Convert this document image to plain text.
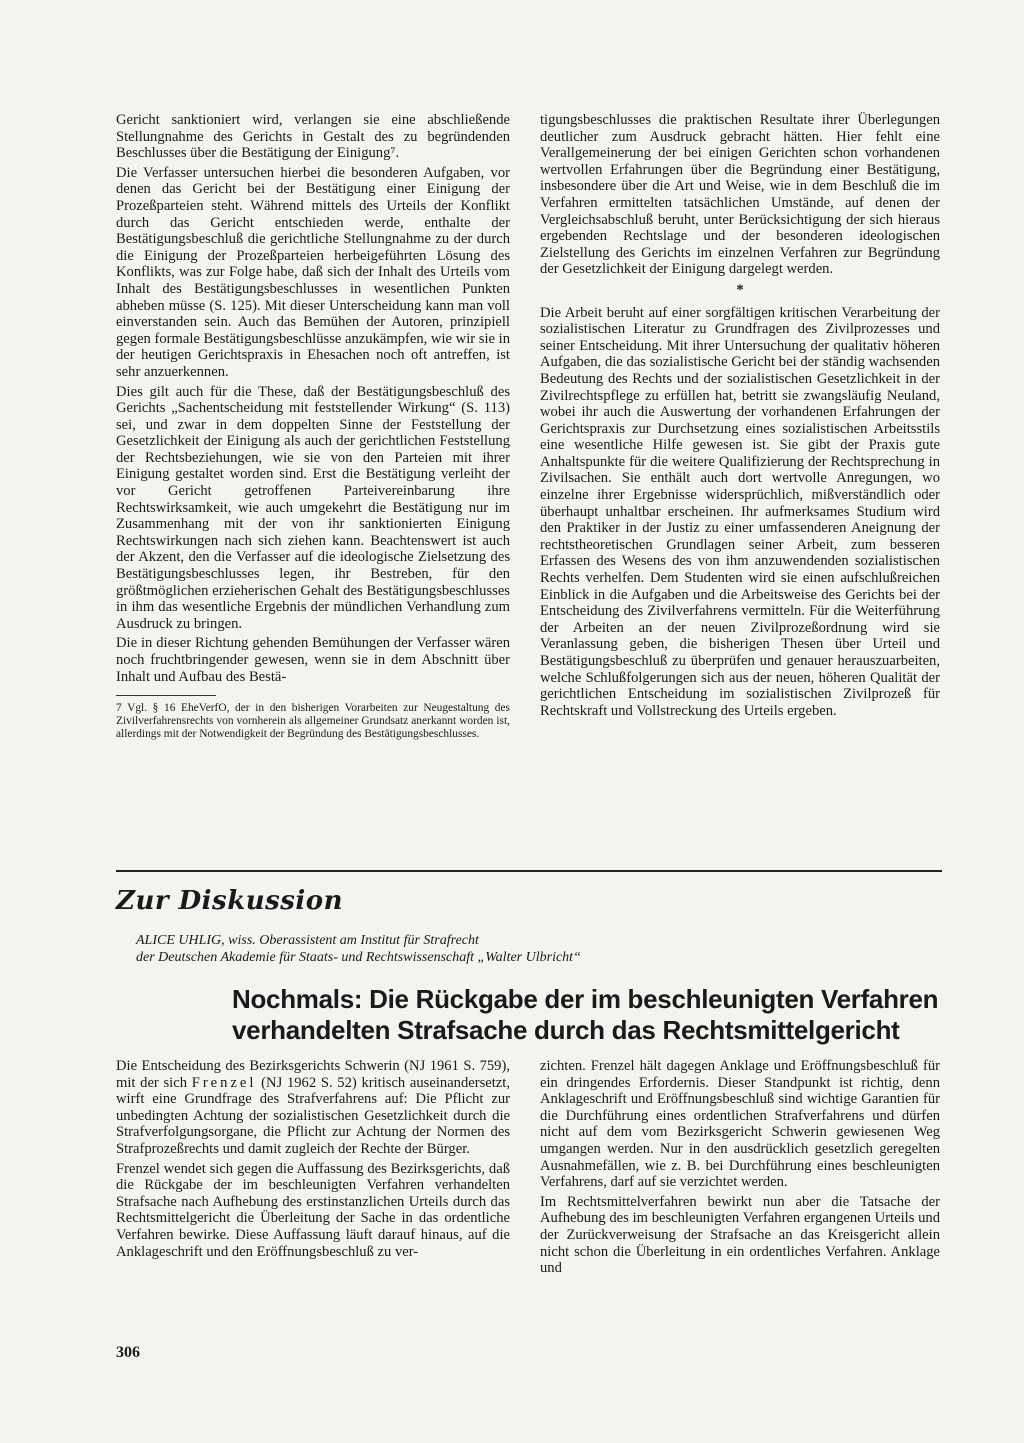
Gericht sanktioniert wird, verlangen sie eine abschließende Stellungnahme des Gerichts in Gestalt des zu begründenden Beschlusses über die Bestätigung der Einigung⁷.

Die Verfasser untersuchen hierbei die besonderen Aufgaben, vor denen das Gericht bei der Bestätigung einer Einigung der Prozeßparteien steht. Während mittels des Urteils der Konflikt durch das Gericht entschieden werde, enthalte der Bestätigungsbeschluß die gerichtliche Stellungnahme zu der durch die Einigung der Prozeßparteien herbeigeführten Lösung des Konflikts, was zur Folge habe, daß sich der Inhalt des Urteils vom Inhalt des Bestätigungsbeschlusses in wesentlichen Punkten abheben müsse (S. 125). Mit dieser Unterscheidung kann man voll einverstanden sein. Auch das Bemühen der Autoren, prinzipiell gegen formale Bestätigungsbeschlüsse anzukämpfen, wie wir sie in der heutigen Gerichtspraxis in Ehesachen noch oft antreffen, ist sehr anzuerkennen.

Dies gilt auch für die These, daß der Bestätigungsbeschluß des Gerichts „Sachentscheidung mit feststellender Wirkung“ (S. 113) sei, und zwar in dem doppelten Sinne der Feststellung der Gesetzlichkeit der Einigung als auch der gerichtlichen Feststellung der Rechtsbeziehungen, wie sie von den Parteien mit ihrer Einigung gestaltet worden sind. Erst die Bestätigung verleiht der vor Gericht getroffenen Parteivereinbarung ihre Rechtswirksamkeit, wie auch umgekehrt die Bestätigung nur im Zusammenhang mit der von ihr sanktionierten Einigung Rechtswirkungen nach sich ziehen kann. Beachtenswert ist auch der Akzent, den die Verfasser auf die ideologische Zielsetzung des Bestätigungsbeschlusses legen, ihr Bestreben, für den größtmöglichen erzieherischen Gehalt des Bestätigungsbeschlusses in ihm das wesentliche Ergebnis der mündlichen Verhandlung zum Ausdruck zu bringen.

Die in dieser Richtung gehenden Bemühungen der Verfasser wären noch fruchtbringender gewesen, wenn sie in dem Abschnitt über Inhalt und Aufbau des Bestä-

7 Vgl. § 16 EheVerfO, der in den bisherigen Vorarbeiten zur Neugestaltung des Zivilverfahrensrechts von vornherein als allgemeiner Grundsatz anerkannt worden ist, allerdings mit der Notwendigkeit der Begründung des Bestätigungsbeschlusses.

tigungsbeschlusses die praktischen Resultate ihrer Überlegungen deutlicher zum Ausdruck gebracht hätten. Hier fehlt eine Verallgemeinerung der bei einigen Gerichten schon vorhandenen wertvollen Erfahrungen über die Begründung einer Bestätigung, insbesondere über die Art und Weise, wie in dem Beschluß die im Verfahren ermittelten tatsächlichen Umstände, auf denen der Vergleichsabschluß beruht, unter Berücksichtigung der sich hieraus ergebenden Rechtslage und der besonderen ideologischen Zielstellung des Gerichts im einzelnen Verfahren zur Begründung der Gesetzlichkeit der Einigung dargelegt werden.

*

Die Arbeit beruht auf einer sorgfältigen kritischen Verarbeitung der sozialistischen Literatur zu Grundfragen des Zivilprozesses und seiner Entscheidung. Mit ihrer Untersuchung der qualitativ höheren Aufgaben, die das sozialistische Gericht bei der ständig wachsenden Bedeutung des Rechts und der sozialistischen Gesetzlichkeit in der Zivilrechtspflege zu erfüllen hat, betritt sie zwangsläufig Neuland, wobei ihr auch die Auswertung der vorhandenen Erfahrungen der Gerichtspraxis zur Durchsetzung eines sozialistischen Arbeitsstils eine wesentliche Hilfe gewesen ist. Sie gibt der Praxis gute Anhaltspunkte für die weitere Qualifizierung der Rechtsprechung in Zivilsachen. Sie enthält auch dort wertvolle Anregungen, wo einzelne ihrer Ergebnisse widersprüchlich, mißverständlich oder überhaupt unhaltbar erscheinen. Ihr aufmerksames Studium wird den Praktiker in der Justiz zu einer umfassenderen Aneignung der rechtstheoretischen Grundlagen seiner Arbeit, zum besseren Erfassen des Wesens des von ihm anzuwendenden sozialistischen Rechts verhelfen. Dem Studenten wird sie einen aufschlußreichen Einblick in die Aufgaben und die Arbeitsweise des Gerichts bei der Entscheidung des Zivilverfahrens vermitteln. Für die Weiterführung der Arbeiten an der neuen Zivilprozeßordnung wird sie Veranlassung geben, die bisherigen Thesen über Urteil und Bestätigungsbeschluß zu überprüfen und genauer herauszuarbeiten, welche Schlußfolgerungen sich aus der neuen, höheren Qualität der gerichtlichen Entscheidung im sozialistischen Zivilprozeß für Rechtskraft und Vollstreckung des Urteils ergeben.

Zur Diskussion
ALICE UHLIG, wiss. Oberassistent am Institut für Strafrecht
der Deutschen Akademie für Staats- und Rechtswissenschaft „Walter Ulbricht“
Nochmals: Die Rückgabe der im beschleunigten Verfahren
verhandelten Strafsache durch das Rechtsmittelgericht

Die Entscheidung des Bezirksgerichts Schwerin (NJ 1961 S. 759), mit der sich Frenzel (NJ 1962 S. 52) kritisch auseinandersetzt, wirft eine Grundfrage des Strafverfahrens auf: Die Pflicht zur unbedingten Achtung der sozialistischen Gesetzlichkeit durch die Strafverfolgungsorgane, die Pflicht zur Achtung der Normen des Strafprozeßrechts und damit zugleich der Rechte der Bürger.

Frenzel wendet sich gegen die Auffassung des Bezirksgerichts, daß die Rückgabe der im beschleunigten Verfahren verhandelten Strafsache nach Aufhebung des erstinstanzlichen Urteils durch das Rechtsmittelgericht die Überleitung der Sache in das ordentliche Verfahren bewirke. Diese Auffassung läuft darauf hinaus, auf die Anklageschrift und den Eröffnungsbeschluß zu ver-

zichten. Frenzel hält dagegen Anklage und Eröffnungsbeschluß für ein dringendes Erfordernis. Dieser Standpunkt ist richtig, denn Anklageschrift und Eröffnungsbeschluß sind wichtige Garantien für die Durchführung eines ordentlichen Strafverfahrens und dürfen nicht auf dem vom Bezirksgericht Schwerin gewiesenen Weg umgangen werden. Nur in den ausdrücklich gesetzlich geregelten Ausnahmefällen, wie z. B. bei Durchführung eines beschleunigten Verfahrens, darf auf sie verzichtet werden.

Im Rechtsmittelverfahren bewirkt nun aber die Tatsache der Aufhebung des im beschleunigten Verfahren ergangenen Urteils und der Zurückverweisung der Strafsache an das Kreisgericht allein nicht schon die Überleitung in ein ordentliches Verfahren. Anklage und

306
